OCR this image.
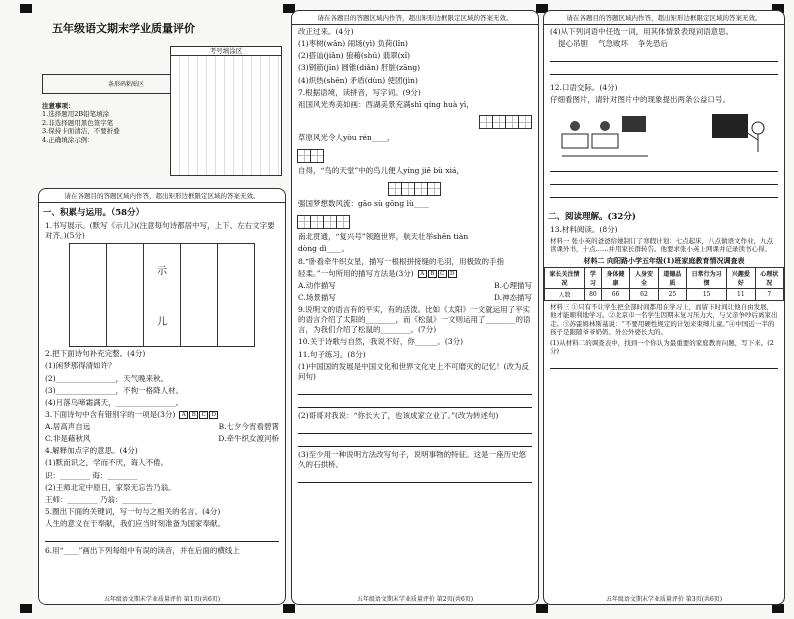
五年级语文期末学业质量评价
条形码粘贴区
考号填涂区
注意事项：
1.选择题用2B铅笔填涂
2.非选择题用黑色签字笔
3.保持卡面清洁，不要折叠
4.正确填涂示例：
请在各题目的答题区域内作答，超出矩形边框限定区域的答案无效。
一、积累与运用。（58分）
1.书写展示。(默写《示儿》)(注意每句诗都居中写，上下、左右文字要对齐。)(5分)
示
儿
2.把下面诗句补充完整。(4分)
(1)闲梦那得清如许？
(2)________________，天气晚来秋。
(3)________________，不拘一格降人材。
(4)月落乌啼霜满天，________________。
3.下面诗句中含有错别字的一项是(3分)	A	B	C	D
A.居高声自远	B.七夕今宵看碧霄
C.非是藉秋风	D.牵牛织女渡河桥
4.解释加点字的意思。(4分)
(1)默而识之，学而不厌，诲人不倦。
识：________ 诲：________
(2)王师北定中原日，家祭无忘告乃翁。
王师：________ 乃翁：________
5.圈出下面的关键词，写一句与之相关的名言。(4分)
人生的意义在于奉献，我们应当时刻准备为国家奉献。
6.用“____”画出下列每组中有误的读音，并在后面的横线上
五年级语文期末学业质量评价 第1页(共6页)
请在各题目的答题区域内作答，超出矩形边框限定区域的答案无效。
改正过来。(4分)
(1)枣树(wǎn) 闹场(yì) 负荷(lǐn)
(2)搭讪(jiǎn) 狼藉(shǔ) 翡翠(xǐ)
(3)钢筋(jīn) 圆锥(diǎn) 肝脏(zāng)
(4)炽热(shēn) 矛盾(dùn) 使团(jìn)
7.根据语境，读拼音，写字词。(9分)
祖国风光秀美如画：西湖美景充满shī qíng huà yì，
草原风光令人yòu rén____，
自得，“鸟的天堂”中的鸟儿便人yíng jiē bù xiá，
强国梦想数风流：gāo sù gōng lù____
南北贯通，“复兴号”领跑世界，航天壮举shēn tiàn
dòng dì____。
8.“卧看牵牛织女星，描写一根根拼接缝的毛羽，用极致的手指
轻柔。”一句所用的描写方法是(3分)	A	B	C	D
A.动作描写	B.心理描写
C.场景描写	D.神态描写
9.说明文的语言有的平实，有的活泼。比如《太阳》一文就运用了平实的语言介绍了太阳的________，而《松鼠》一文则运用了________的语言，为我们介绍了松鼠的________。(7分)
10.关于诗歌与自然，我说不好，你______。(3分)
11.句子练习。(8分)
(1)中国国的发展是中国文化和世界文化史上不可磨灭的记忆！(改为反问句)
(2)哥哥对我说：“你长大了，也该成家立业了。”(改为转述句)
(3)至少用一种说明方法改写句子，说明事物的特征。这是一座历史悠久的石拱桥。
五年级语文期末学业质量评价 第2页(共6页)
请在各题目的答题区域内作答，超出矩形边框限定区域的答案无效。
(4)从下列词语中任选一词，用其体情景表现词语意思。
提心吊胆 气急败坏 争先恐后
12.口语交际。(4分)
仔细看图片，请针对图片中的现象提出两条公益口号。
二、阅读理解。(32分)
13.材料阅读。(8分)
材料一 张小英的爸爸给她制订了寒假计划：七点起床，八点做语文作业，九点读课外书，十点……并用家长群转告。他要求张小英上网课并记录读书心得。
材料二 向阳路小学五年级(1)班家庭教育情况调查表
家长关注情况	学习	身体健康	人身安全	道德品质	日常行为习惯	兴趣爱好	心理状况
人数	80	66	62	25	15	11	7
材料三 ①只有不让学生把全部时间都用在学习上，而留下时间让他自由发展，他才能顺利地学习。②北京市一名学生因期末复习压力大，与父亲争吵后离家出走。③苏霍姆林斯基说：“不要用硬性规定的计划来束缚儿童。”④中国近一半的孩子是跟随爷爷奶奶、外公外婆长大的。
(1)从材料二的调查表中，找到一个你认为最重要的家庭教育问题，写下来。(2分)
五年级语文期末学业质量评价 第3页(共6页)
